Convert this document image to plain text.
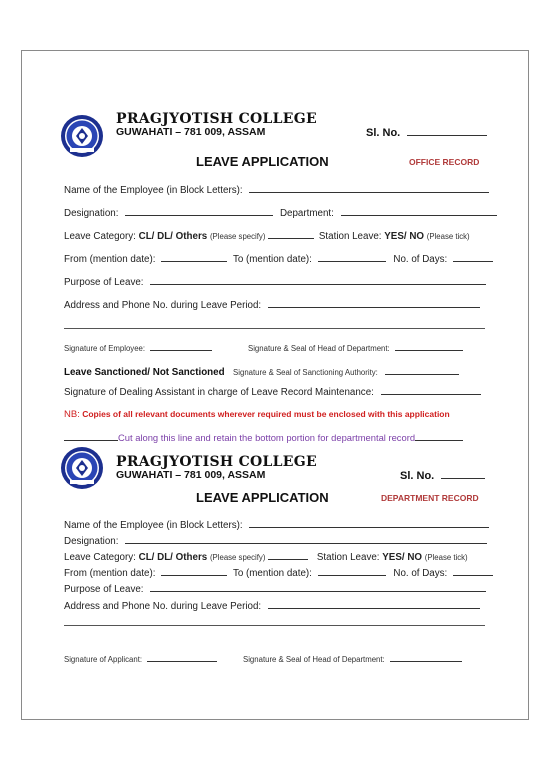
PRAGJYOTISH COLLEGE
GUWAHATI – 781 009, ASSAM	Sl. No.
LEAVE APPLICATION	OFFICE RECORD
Name of the Employee (in Block Letters):
Designation:	Department:
Leave Category: CL/ DL/ Others (Please specify)	Station Leave: YES/ NO (Please tick)
From (mention date):	To (mention date):	No. of Days:
Purpose of Leave:
Address and Phone No. during Leave Period:
Signature of Employee:	Signature & Seal of Head of Department:
Leave Sanctioned/ Not Sanctioned Signature & Seal of Sanctioning Authority:
Signature of Dealing Assistant in charge of Leave Record Maintenance:
NB: Copies of all relevant documents wherever required must be enclosed with this application
Cut along this line and retain the bottom portion for departmental record
PRAGJYOTISH COLLEGE
GUWAHATI – 781 009, ASSAM	Sl. No.
LEAVE APPLICATION	DEPARTMENT RECORD
Name of the Employee (in Block Letters):
Designation:
Leave Category: CL/ DL/ Others (Please specify)	Station Leave: YES/ NO (Please tick)
From (mention date):	To (mention date):	No. of Days:
Purpose of Leave:
Address and Phone No. during Leave Period:
Signature of Applicant:	Signature & Seal of Head of Department:
